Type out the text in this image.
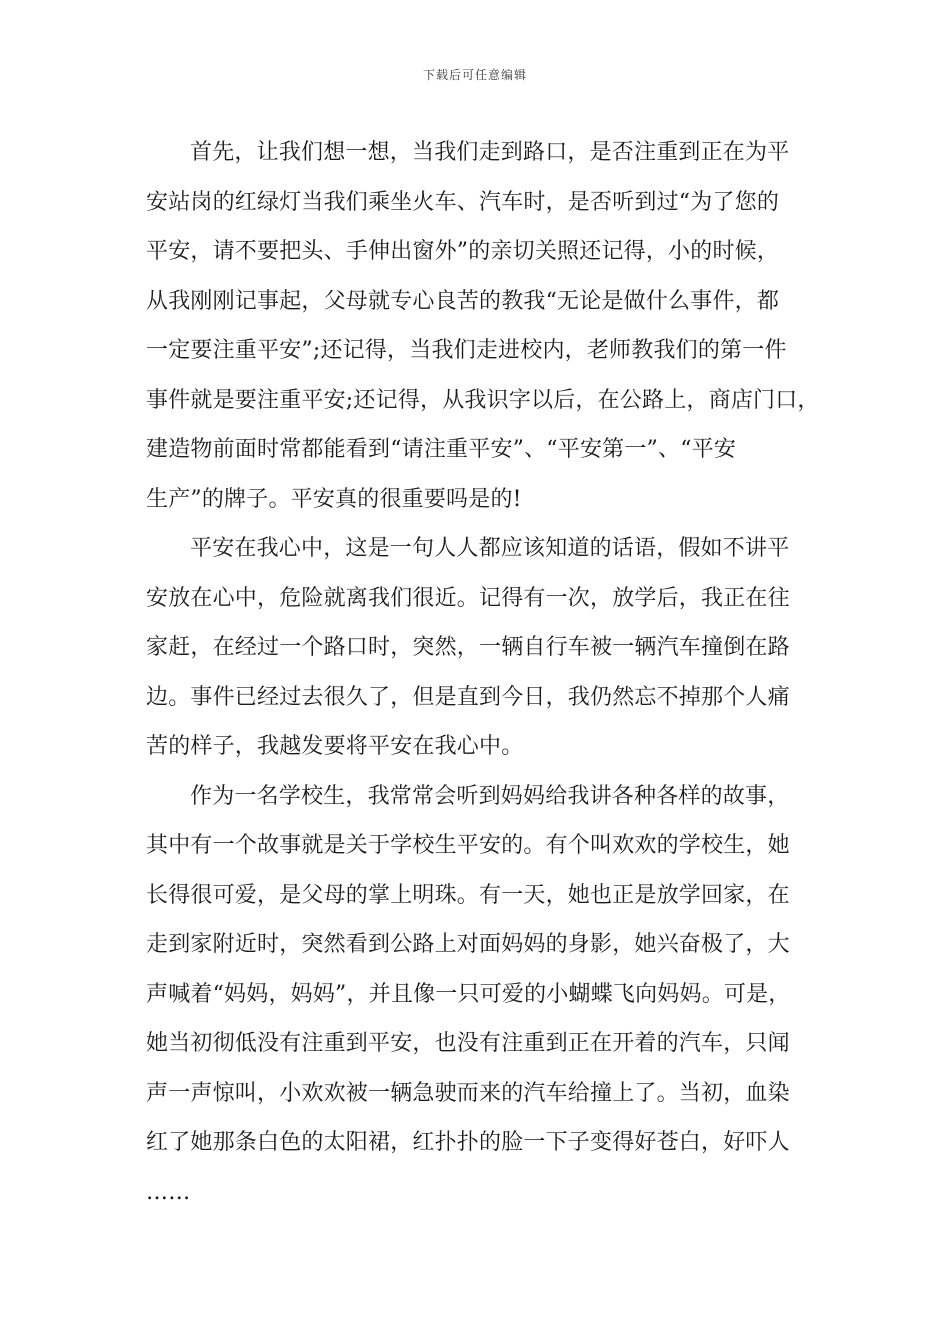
下载后可任意编辑
首先，让我们想一想，当我们走到路口，是否注重到正在为平
安站岗的红绿灯当我们乘坐火车、汽车时，是否听到过“为了您的
平安，请不要把头、手伸出窗外”的亲切关照还记得，小的时候，
从我刚刚记事起，父母就专心良苦的教我“无论是做什么事件，都
一定要注重平安”;还记得，当我们走进校内，老师教我们的第一件
事件就是要注重平安;还记得，从我识字以后，在公路上，商店门口，
建造物前面时常都能看到“请注重平安”、“平安第一”、“平安
生产”的牌子。平安真的很重要吗是的!
平安在我心中，这是一句人人都应该知道的话语，假如不讲平
安放在心中，危险就离我们很近。记得有一次，放学后，我正在往
家赶，在经过一个路口时，突然，一辆自行车被一辆汽车撞倒在路
边。事件已经过去很久了，但是直到今日，我仍然忘不掉那个人痛
苦的样子，我越发要将平安在我心中。
作为一名学校生，我常常会听到妈妈给我讲各种各样的故事，
其中有一个故事就是关于学校生平安的。有个叫欢欢的学校生，她
长得很可爱，是父母的掌上明珠。有一天，她也正是放学回家，在
走到家附近时，突然看到公路上对面妈妈的身影，她兴奋极了，大
声喊着“妈妈，妈妈”，并且像一只可爱的小蝴蝶飞向妈妈。可是，
她当初彻低没有注重到平安，也没有注重到正在开着的汽车，只闻
声一声惊叫，小欢欢被一辆急驶而来的汽车给撞上了。当初，血染
红了她那条白色的太阳裙，红扑扑的脸一下子变得好苍白，好吓人
……
